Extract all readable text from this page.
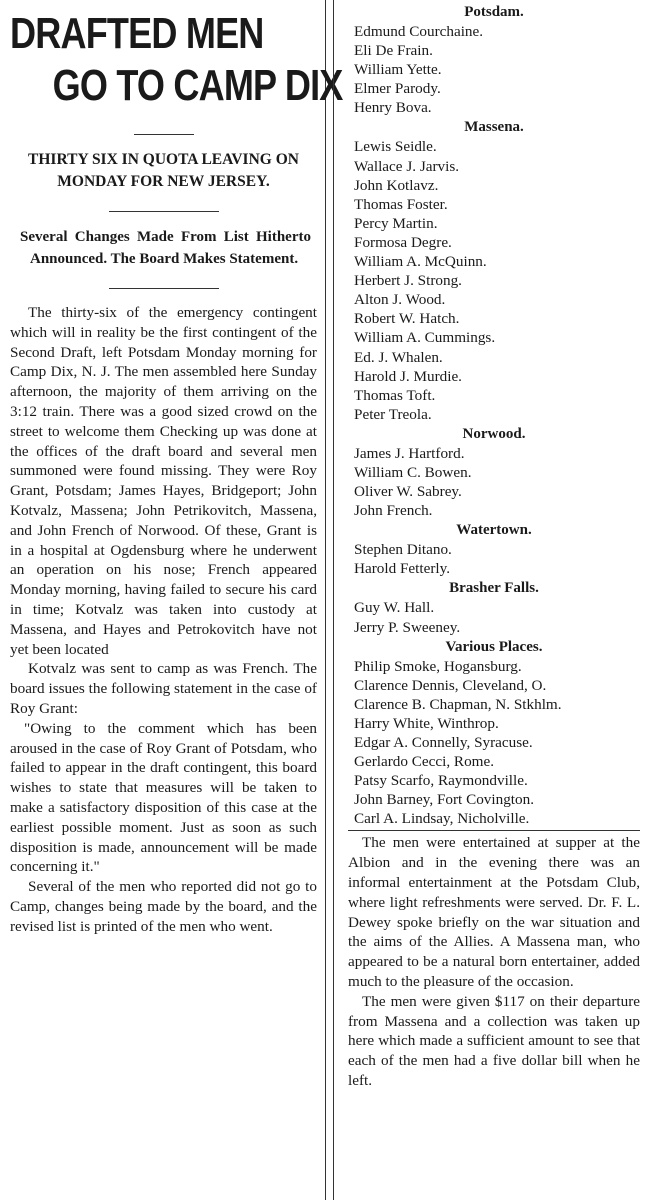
DRAFTED MEN
GO TO CAMP DIX

THIRTY SIX IN QUOTA LEAVING ON MONDAY FOR NEW JERSEY.

Several Changes Made From List Hitherto Announced. The Board Makes Statement.

The thirty-six of the emergency contingent which will in reality be the first contingent of the Second Draft, left Potsdam Monday morning for Camp Dix, N. J. The men assembled here Sunday afternoon, the majority of them arriving on the 3:12 train. There was a good sized crowd on the street to welcome them Checking up was done at the offices of the draft board and several men summoned were found missing. They were Roy Grant, Potsdam; James Hayes, Bridgeport; John Kotvalz, Massena; John Petrikovitch, Massena, and John French of Norwood. Of these, Grant is in a hospital at Ogdensburg where he underwent an operation on his nose; French appeared Monday morning, having failed to secure his card in time; Kotvalz was taken into custody at Massena, and Hayes and Petrokovitch have not yet been located

Kotvalz was sent to camp as was French. The board issues the following statement in the case of Roy Grant:

"Owing to the comment which has been aroused in the case of Roy Grant of Potsdam, who failed to appear in the draft contingent, this board wishes to state that measures will be taken to make a satisfactory disposition of this case at the earliest possible moment. Just as soon as such disposition is made, announcement will be made concerning it."

Several of the men who reported did not go to Camp, changes being made by the board, and the revised list is printed of the men who went.

Potsdam.

Edmund Courchaine.

Eli De Frain.

William Yette.

Elmer Parody.

Henry Bova.

Massena.

Lewis Seidle.

Wallace J. Jarvis.

John Kotlavz.

Thomas Foster.

Percy Martin.

Formosa Degre.

William A. McQuinn.

Herbert J. Strong.

Alton J. Wood.

Robert W. Hatch.

William A. Cummings.

Ed. J. Whalen.

Harold J. Murdie.

Thomas Toft.

Peter Treola.

Norwood.

James J. Hartford.

William C. Bowen.

Oliver W. Sabrey.

John French.

Watertown.

Stephen Ditano.

Harold Fetterly.

Brasher Falls.

Guy W. Hall.

Jerry P. Sweeney.

Various Places.

Philip Smoke, Hogansburg.

Clarence Dennis, Cleveland, O.

Clarence B. Chapman, N. Stkhlm.

Harry White, Winthrop.

Edgar A. Connelly, Syracuse.

Gerlardo Cecci, Rome.

Patsy Scarfo, Raymondville.

John Barney, Fort Covington.

Carl A. Lindsay, Nicholville.

The men were entertained at supper at the Albion and in the evening there was an informal entertainment at the Potsdam Club, where light refreshments were served. Dr. F. L. Dewey spoke briefly on the war situation and the aims of the Allies. A Massena man, who appeared to be a natural born entertainer, added much to the pleasure of the occasion.

The men were given $117 on their departure from Massena and a collection was taken up here which made a sufficient amount to see that each of the men had a five dollar bill when he left.
